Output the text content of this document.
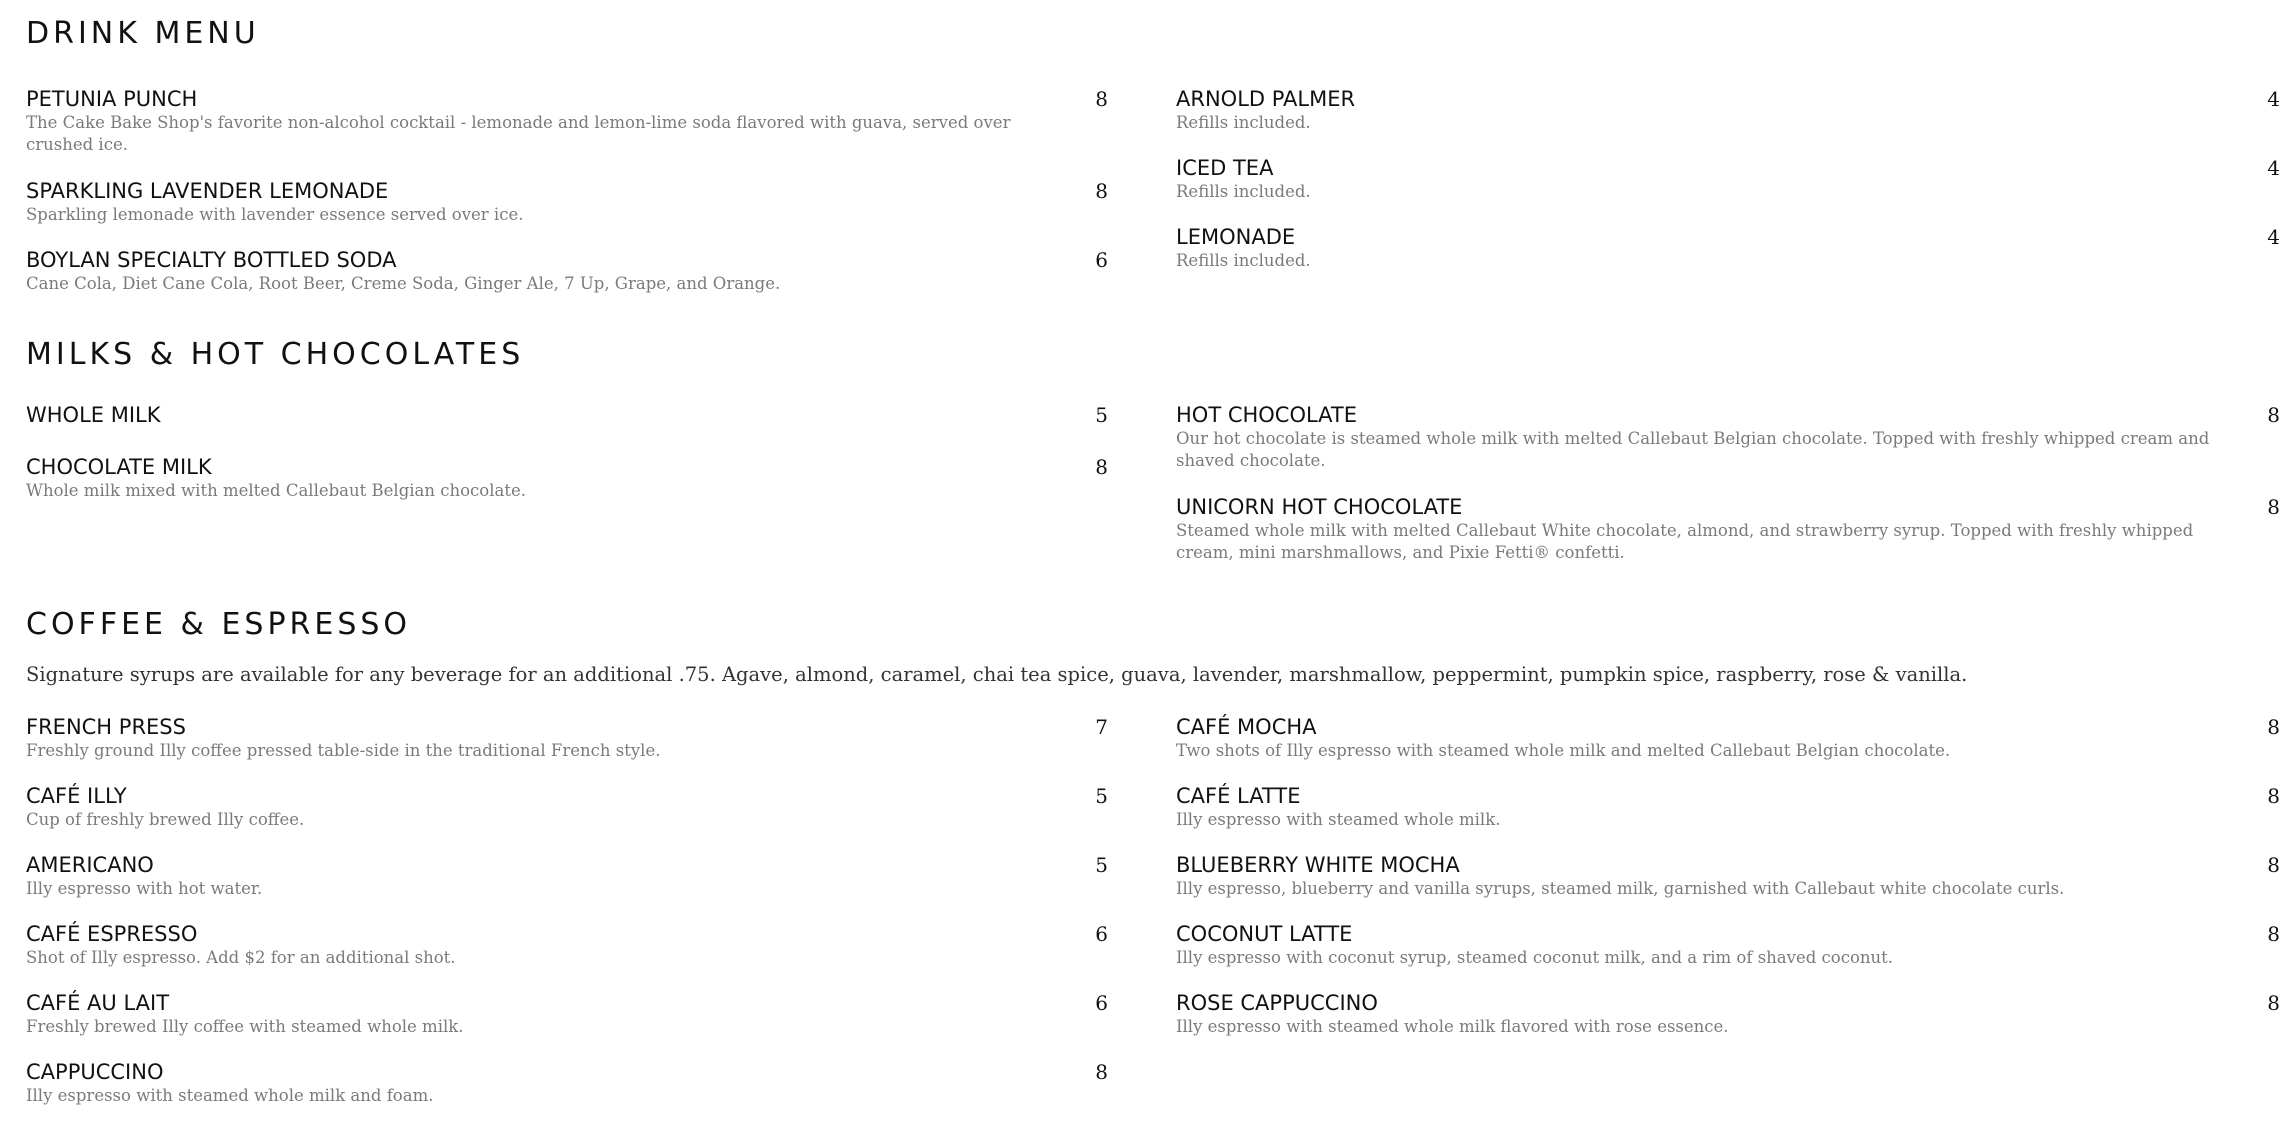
DRINK MENU
PETUNIA PUNCH	8
The Cake Bake Shop's favorite non-alcohol cocktail - lemonade and lemon-lime soda flavored with guava, served over crushed ice.
SPARKLING LAVENDER LEMONADE	8
Sparkling lemonade with lavender essence served over ice.
BOYLAN SPECIALTY BOTTLED SODA	6
Cane Cola, Diet Cane Cola, Root Beer, Creme Soda, Ginger Ale, 7 Up, Grape, and Orange.
ARNOLD PALMER	4
Refills included.
ICED TEA	4
Refills included.
LEMONADE	4
Refills included.
MILKS & HOT CHOCOLATES
WHOLE MILK	5
CHOCOLATE MILK	8
Whole milk mixed with melted Callebaut Belgian chocolate.
HOT CHOCOLATE	8
Our hot chocolate is steamed whole milk with melted Callebaut Belgian chocolate. Topped with freshly whipped cream and shaved chocolate.
UNICORN HOT CHOCOLATE	8
Steamed whole milk with melted Callebaut White chocolate, almond, and strawberry syrup. Topped with freshly whipped cream, mini marshmallows, and Pixie Fetti® confetti.
COFFEE & ESPRESSO
Signature syrups are available for any beverage for an additional .75. Agave, almond, caramel, chai tea spice, guava, lavender, marshmallow, peppermint, pumpkin spice, raspberry, rose & vanilla.
FRENCH PRESS	7
Freshly ground Illy coffee pressed table-side in the traditional French style.
CAFÉ ILLY	5
Cup of freshly brewed Illy coffee.
AMERICANO	5
Illy espresso with hot water.
CAFÉ ESPRESSO	6
Shot of Illy espresso. Add $2 for an additional shot.
CAFÉ AU LAIT	6
Freshly brewed Illy coffee with steamed whole milk.
CAPPUCCINO	8
Illy espresso with steamed whole milk and foam.
CAFÉ MOCHA	8
Two shots of Illy espresso with steamed whole milk and melted Callebaut Belgian chocolate.
CAFÉ LATTE	8
Illy espresso with steamed whole milk.
BLUEBERRY WHITE MOCHA	8
Illy espresso, blueberry and vanilla syrups, steamed milk, garnished with Callebaut white chocolate curls.
COCONUT LATTE	8
Illy espresso with coconut syrup, steamed coconut milk, and a rim of shaved coconut.
ROSE CAPPUCCINO	8
Illy espresso with steamed whole milk flavored with rose essence.
